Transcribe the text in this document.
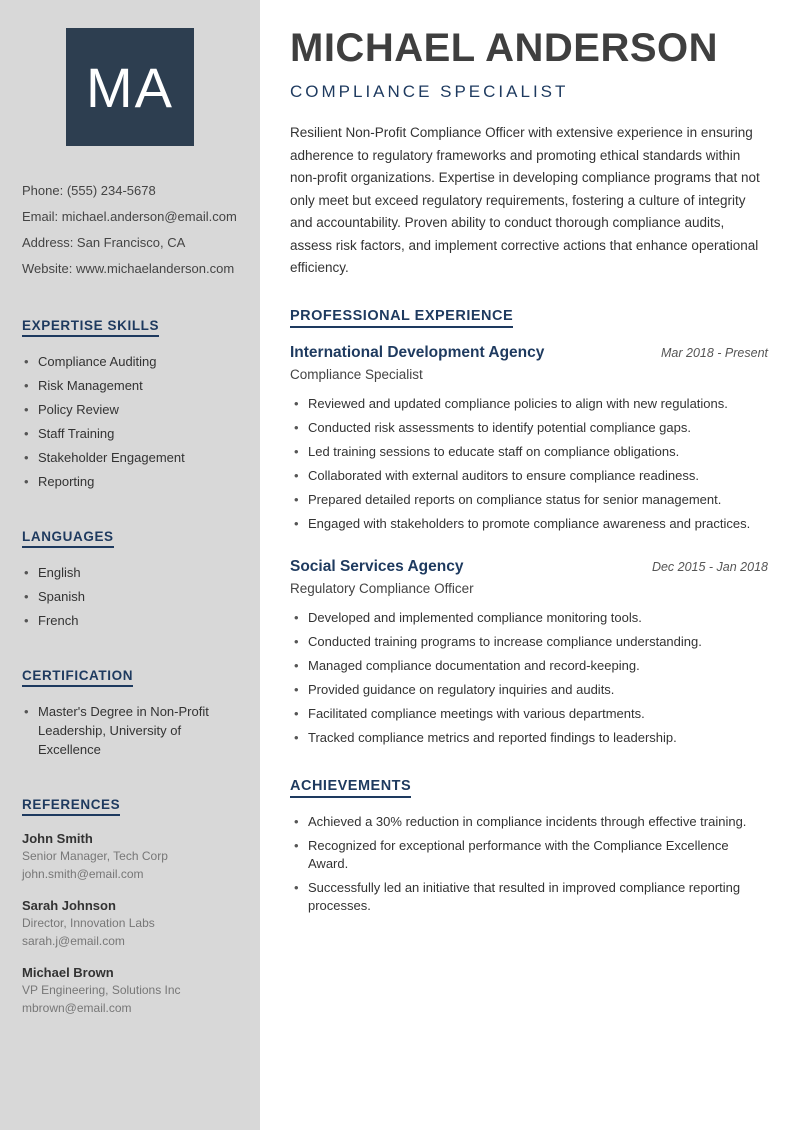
MA

Phone: (555) 234-5678

Email: michael.anderson@email.com

Address: San Francisco, CA

Website: www.michaelanderson.com

EXPERTISE SKILLS
• Compliance Auditing
• Risk Management
• Policy Review
• Staff Training
• Stakeholder Engagement
• Reporting
LANGUAGES
• English
• Spanish
• French
CERTIFICATION
• Master's Degree in Non-Profit Leadership, University of Excellence
REFERENCES
John Smith
Senior Manager, Tech Corp
john.smith@email.com
Sarah Johnson
Director, Innovation Labs
sarah.j@email.com
Michael Brown
VP Engineering, Solutions Inc
mbrown@email.com
MICHAEL ANDERSON
COMPLIANCE SPECIALIST

Resilient Non-Profit Compliance Officer with extensive experience in ensuring adherence to regulatory frameworks and promoting ethical standards within non-profit organizations. Expertise in developing compliance programs that not only meet but exceed regulatory requirements, fostering a culture of integrity and accountability. Proven ability to conduct thorough compliance audits, assess risk factors, and implement corrective actions that enhance operational efficiency.

PROFESSIONAL EXPERIENCE
International Development Agency	Mar 2018 - Present
Compliance Specialist
• Reviewed and updated compliance policies to align with new regulations.
• Conducted risk assessments to identify potential compliance gaps.
• Led training sessions to educate staff on compliance obligations.
• Collaborated with external auditors to ensure compliance readiness.
• Prepared detailed reports on compliance status for senior management.
• Engaged with stakeholders to promote compliance awareness and practices.
Social Services Agency	Dec 2015 - Jan 2018
Regulatory Compliance Officer
• Developed and implemented compliance monitoring tools.
• Conducted training programs to increase compliance understanding.
• Managed compliance documentation and record-keeping.
• Provided guidance on regulatory inquiries and audits.
• Facilitated compliance meetings with various departments.
• Tracked compliance metrics and reported findings to leadership.
ACHIEVEMENTS
• Achieved a 30% reduction in compliance incidents through effective training.
• Recognized for exceptional performance with the Compliance Excellence Award.
• Successfully led an initiative that resulted in improved compliance reporting processes.
